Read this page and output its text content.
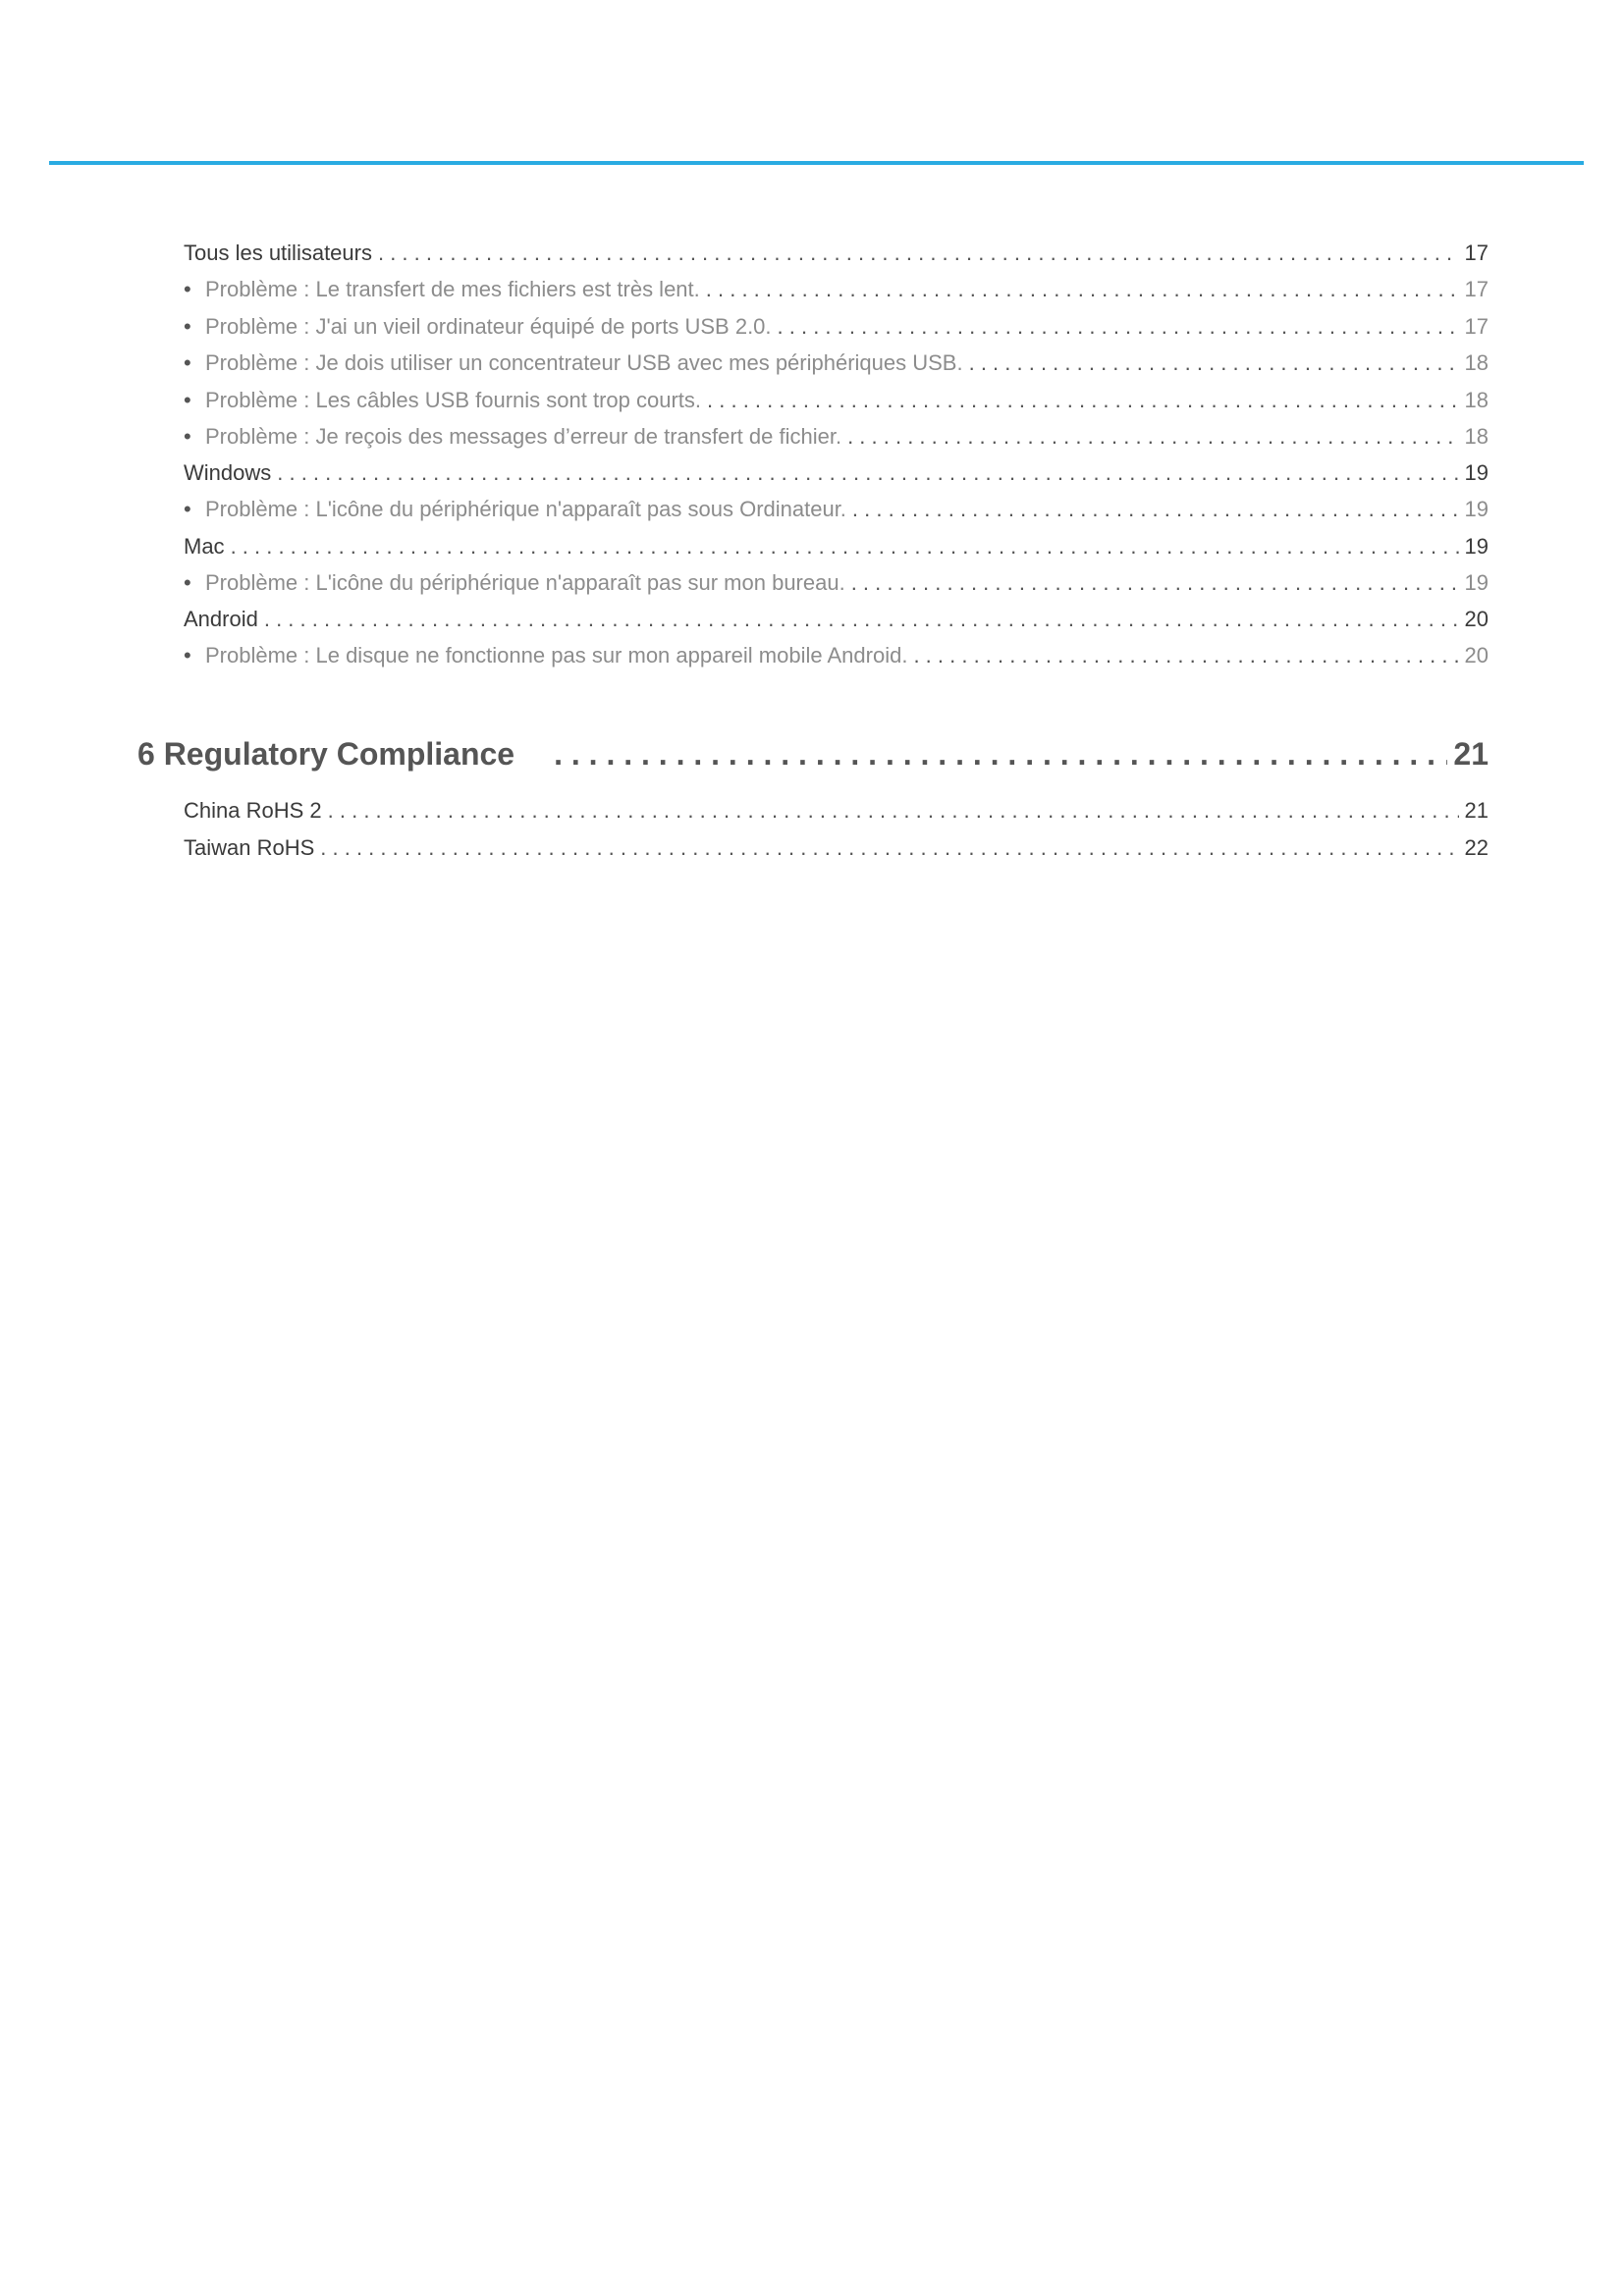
Tous les utilisateurs . . .	17
• Problème : Le transfert de mes fichiers est très lent. . . .	17
• Problème : J'ai un vieil ordinateur équipé de ports USB 2.0. . . .	17
• Problème : Je dois utiliser un concentrateur USB avec mes périphériques USB. . . .	18
• Problème : Les câbles USB fournis sont trop courts. . . .	18
• Problème : Je reçois des messages d’erreur de transfert de fichier. . . .	18
Windows . . .	19
• Problème : L'icône du périphérique n'apparaît pas sous Ordinateur. . . .	19
Mac . . .	19
• Problème : L'icône du périphérique n'apparaît pas sur mon bureau. . . .	19
Android . . .	20
• Problème : Le disque ne fonctionne pas sur mon appareil mobile Android. . . .	20
6 Regulatory Compliance . . .	21
China RoHS 2 . . .	21
Taiwan RoHS . . .	22
